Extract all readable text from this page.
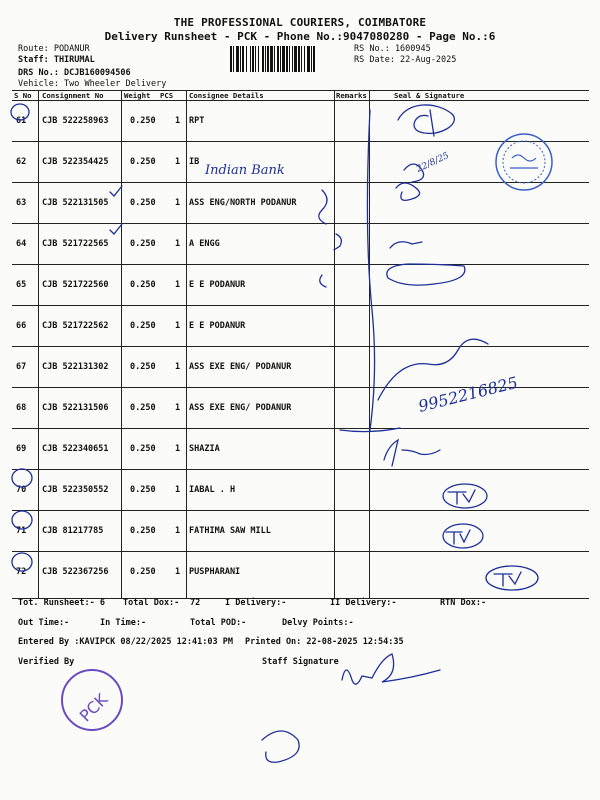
THE PROFESSIONAL COURIERS, COIMBATORE
Delivery Runsheet - PCK - Phone No.:9047080280 - Page No.:6
Route: PODANUR
Staff: THIRUMAL
DRS No.: DCJB160094506
Vehicle: Two Wheeler Delivery
RS No.: 1600945
RS Date: 22-Aug-2025
S No Consignment No	Weight PCS Consignee Details	Remarks	Seal & Signature
61 CJB 522258963	0.250 1 RPT
62 CJB 522354425	0.250 1 IB
63 CJB 522131505	0.250 1 ASS ENG/NORTH PODANUR
64 CJB 521722565	0.250 1 A ENGG
65 CJB 521722560	0.250 1 E E PODANUR
66 CJB 521722562	0.250 1 E E PODANUR
67 CJB 522131302	0.250 1 ASS EXE ENG/ PODANUR
68 CJB 522131506	0.250 1 ASS EXE ENG/ PODANUR
69 CJB 522340651	0.250 1 SHAZIA
70 CJB 522350552	0.250 1 IABAL . H
71 CJB 81217785	0.250 1 FATHIMA SAW MILL
72 CJB 522367256	0.250 1 PUSPHARANI
Tot. Runsheet:- 6 Total Dox:- 72	I Delivery:-	II Delivery:-	RTN Dox:-
Out Time:-	In Time:-	Total POD:-	Delvy Points:-
Entered By :KAVIPCK 08/22/2025 12:41:03 PM Printed On: 22-08-2025 12:54:35
Verified By	Staff Signature
Indian Bank	22/8/25
9952216825
PCK
